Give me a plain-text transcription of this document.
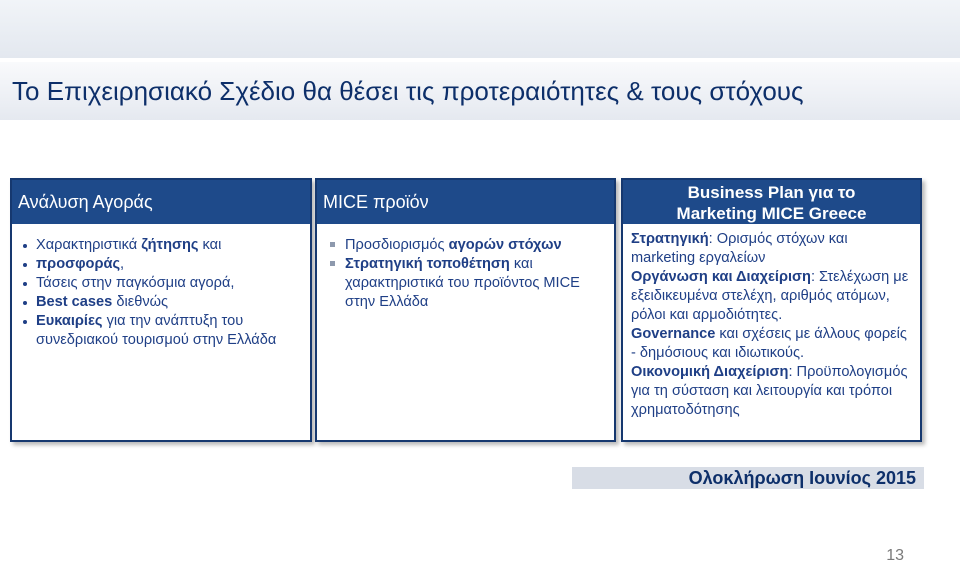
Το Επιχειρησιακό Σχέδιο θα θέσει τις προτεραιότητες & τους στόχους
Ανάλυση Αγοράς
Χαρακτηριστικά ζήτησης και
προσφοράς,
Τάσεις στην παγκόσμια αγορά,
Best cases διεθνώς
Ευκαιρίες για την ανάπτυξη του συνεδριακού τουρισμού στην Ελλάδα
MICE προϊόν
Προσδιορισμός αγορών στόχων
Στρατηγική τοποθέτηση και χαρακτηριστικά του προϊόντος MICE στην Ελλάδα
Business Plan για το
Marketing MICE Greece

Στρατηγική: Ορισμός στόχων και marketing εργαλείων

Οργάνωση και Διαχείριση: Στελέχωση με εξειδικευμένα στελέχη, αριθμός ατόμων, ρόλοι και αρμοδιότητες.

Governance και σχέσεις με άλλους φορείς - δημόσιους και ιδιωτικούς.

Οικονομική Διαχείριση: Προϋπολογισμός για τη σύσταση και λειτουργία και τρόποι χρηματοδότησης

Ολοκλήρωση Ιουνίος 2015
13
